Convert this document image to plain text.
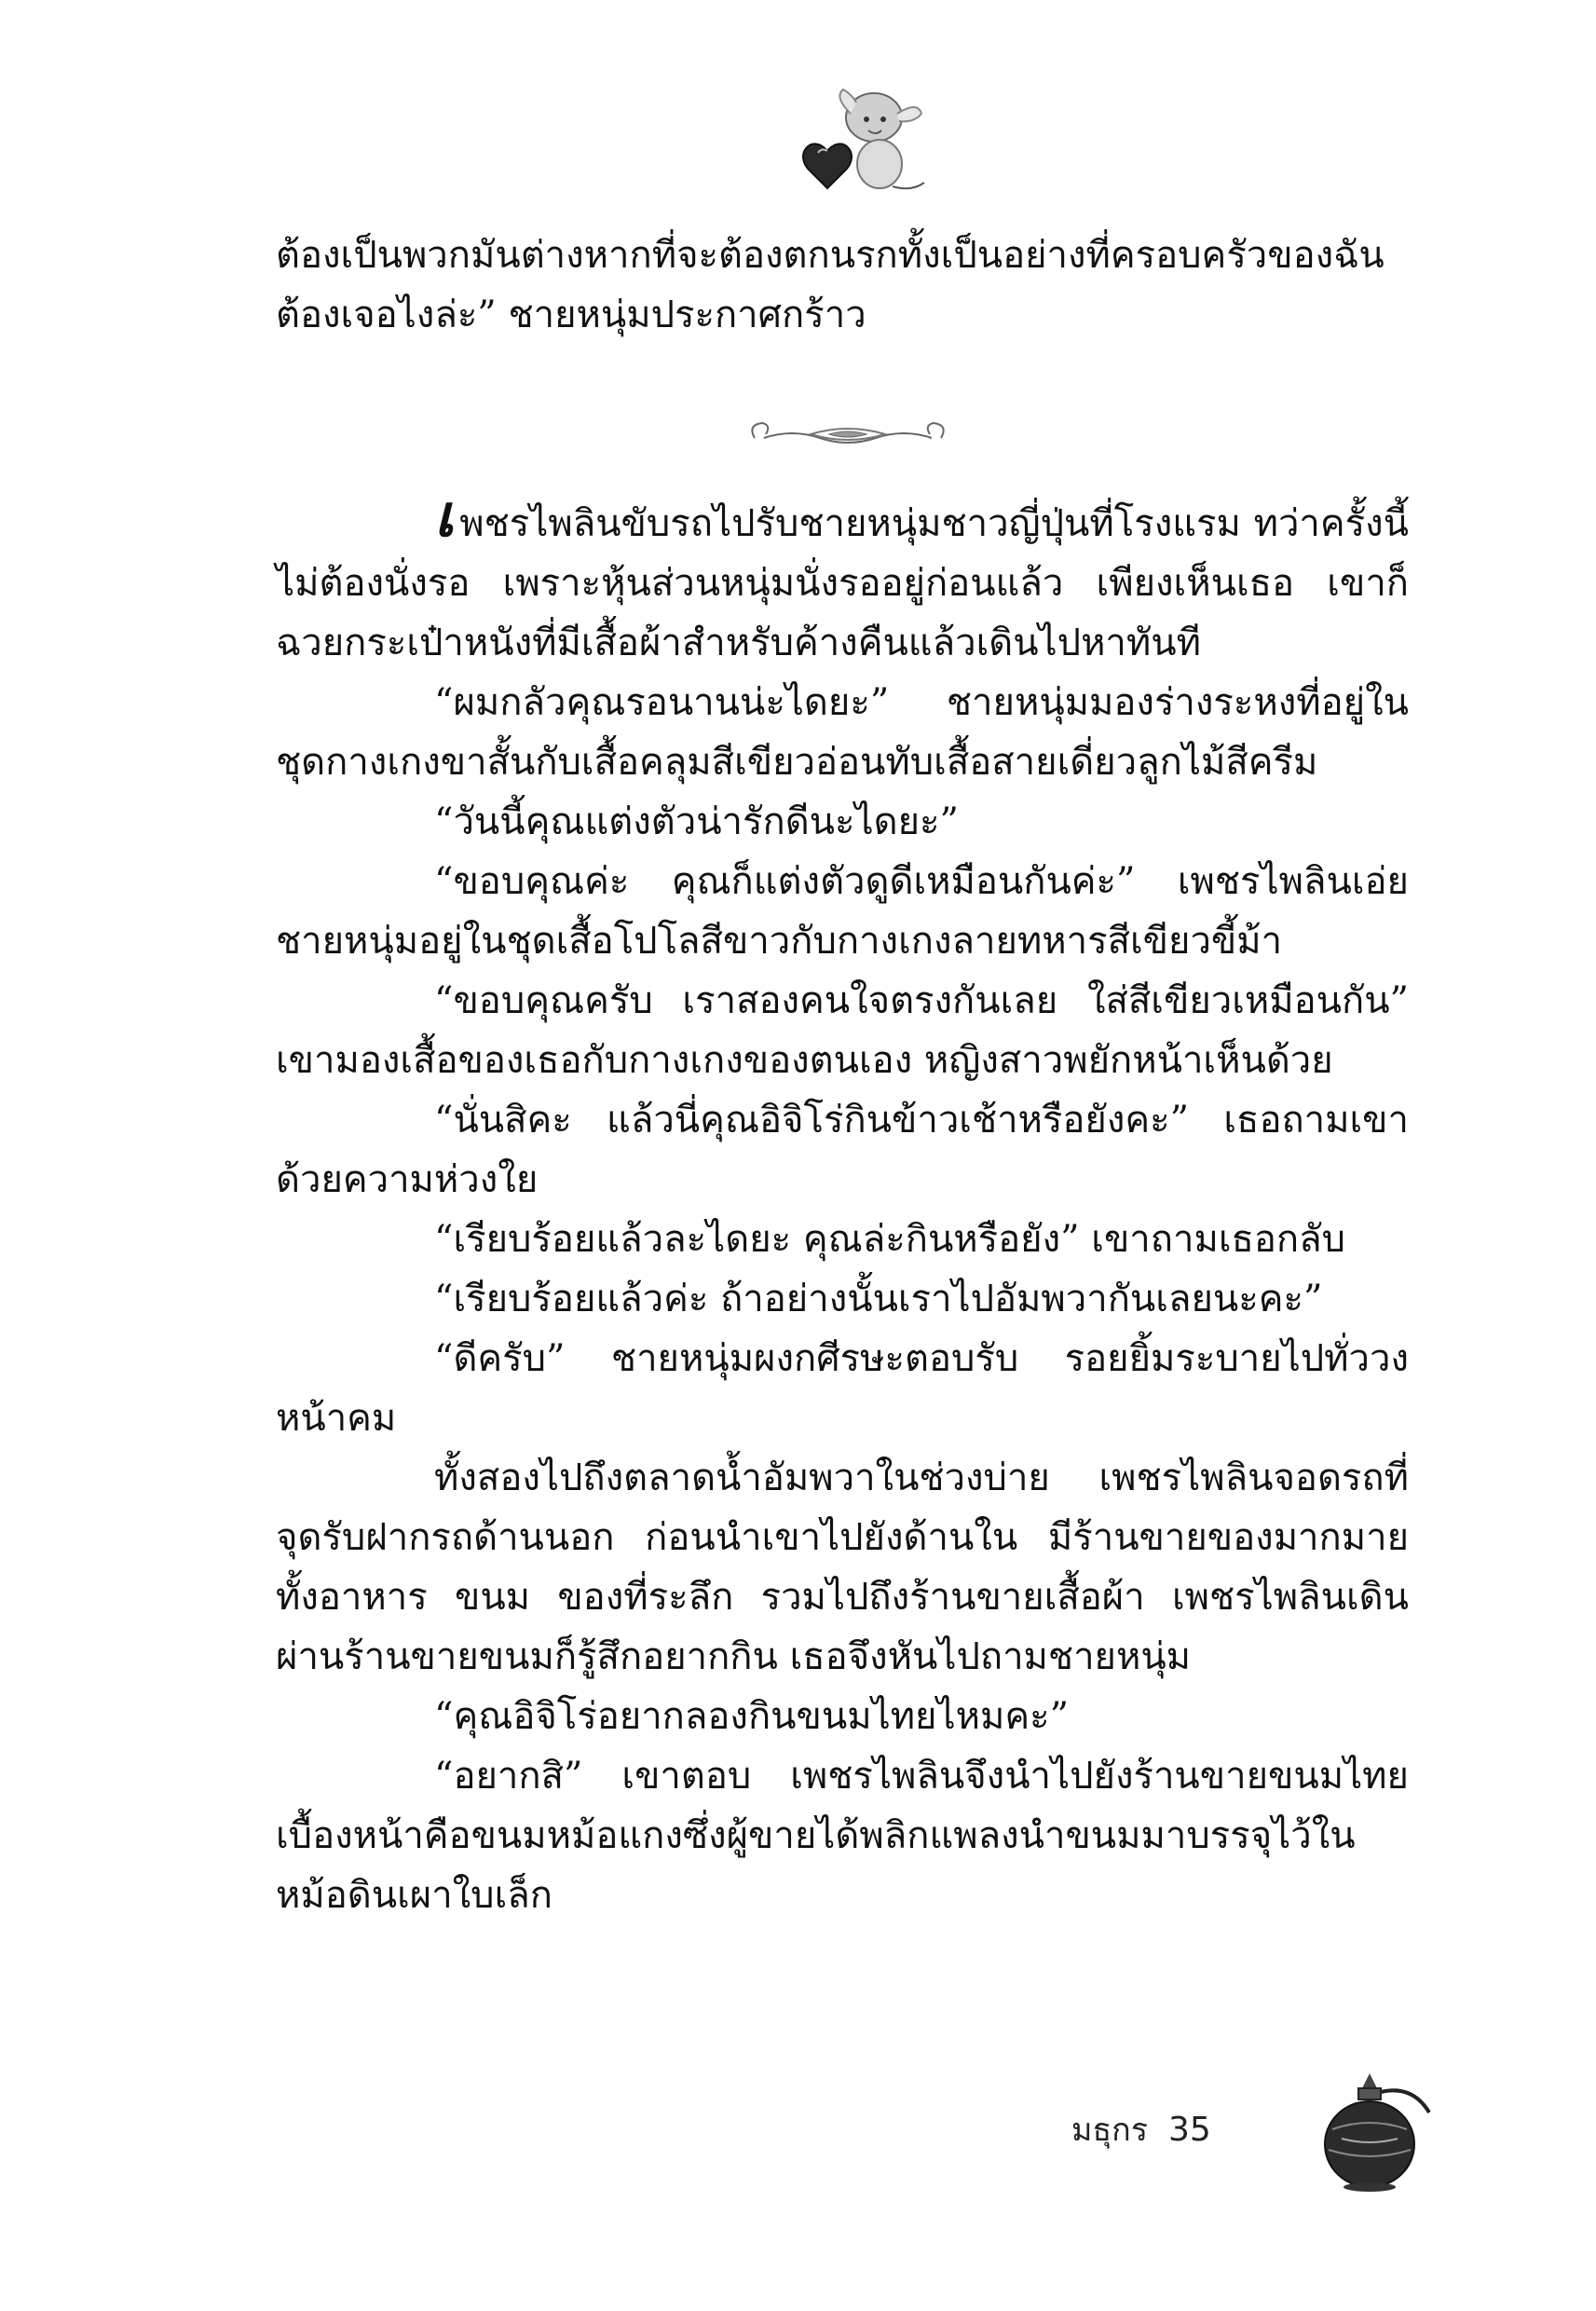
ต้องเป็นพวกมันต่างหากที่จะต้องตกนรกทั้งเป็นอย่างที่ครอบครัวของฉันต้องเจอไงล่ะ” ชายหนุ่มประกาศกร้าว

เพชรไพลินขับรถไปรับชายหนุ่มชาวญี่ปุ่นที่โรงแรม ทว่าครั้งนี้ไม่ต้องนั่งรอ เพราะหุ้นส่วนหนุ่มนั่งรออยู่ก่อนแล้ว เพียงเห็นเธอ เขาก็ฉวยกระเป๋าหนังที่มีเสื้อผ้าสำหรับค้างคืนแล้วเดินไปหาทันที

“ผมกลัวคุณรอนานน่ะไดยะ” ชายหนุ่มมองร่างระหงที่อยู่ในชุดกางเกงขาสั้นกับเสื้อคลุมสีเขียวอ่อนทับเสื้อสายเดี่ยวลูกไม้สีครีม

“วันนี้คุณแต่งตัวน่ารักดีนะไดยะ”

“ขอบคุณค่ะ คุณก็แต่งตัวดูดีเหมือนกันค่ะ” เพชรไพลินเอ่ย ชายหนุ่มอยู่ในชุดเสื้อโปโลสีขาวกับกางเกงลายทหารสีเขียวขี้ม้า

“ขอบคุณครับ เราสองคนใจตรงกันเลย ใส่สีเขียวเหมือนกัน” เขามองเสื้อของเธอกับกางเกงของตนเอง หญิงสาวพยักหน้าเห็นด้วย

“นั่นสิคะ แล้วนี่คุณอิจิโร่กินข้าวเช้าหรือยังคะ” เธอถามเขาด้วยความห่วงใย

“เรียบร้อยแล้วละไดยะ คุณล่ะกินหรือยัง” เขาถามเธอกลับ

“เรียบร้อยแล้วค่ะ ถ้าอย่างนั้นเราไปอัมพวากันเลยนะคะ”

“ดีครับ” ชายหนุ่มผงกศีรษะตอบรับ รอยยิ้มระบายไปทั่ววงหน้าคม

ทั้งสองไปถึงตลาดน้ำอัมพวาในช่วงบ่าย เพชรไพลินจอดรถที่จุดรับฝากรถด้านนอก ก่อนนำเขาไปยังด้านใน มีร้านขายของมากมาย ทั้งอาหาร ขนม ของที่ระลึก รวมไปถึงร้านขายเสื้อผ้า เพชรไพลินเดินผ่านร้านขายขนมก็รู้สึกอยากกิน เธอจึงหันไปถามชายหนุ่ม

“คุณอิจิโร่อยากลองกินขนมไทยไหมคะ”

“อยากสิ” เขาตอบ เพชรไพลินจึงนำไปยังร้านขายขนมไทยเบื้องหน้าคือขนมหม้อแกงซึ่งผู้ขายได้พลิกแพลงนำขนมมาบรรจุไว้ในหม้อดินเผาใบเล็ก

มธุกร 35
